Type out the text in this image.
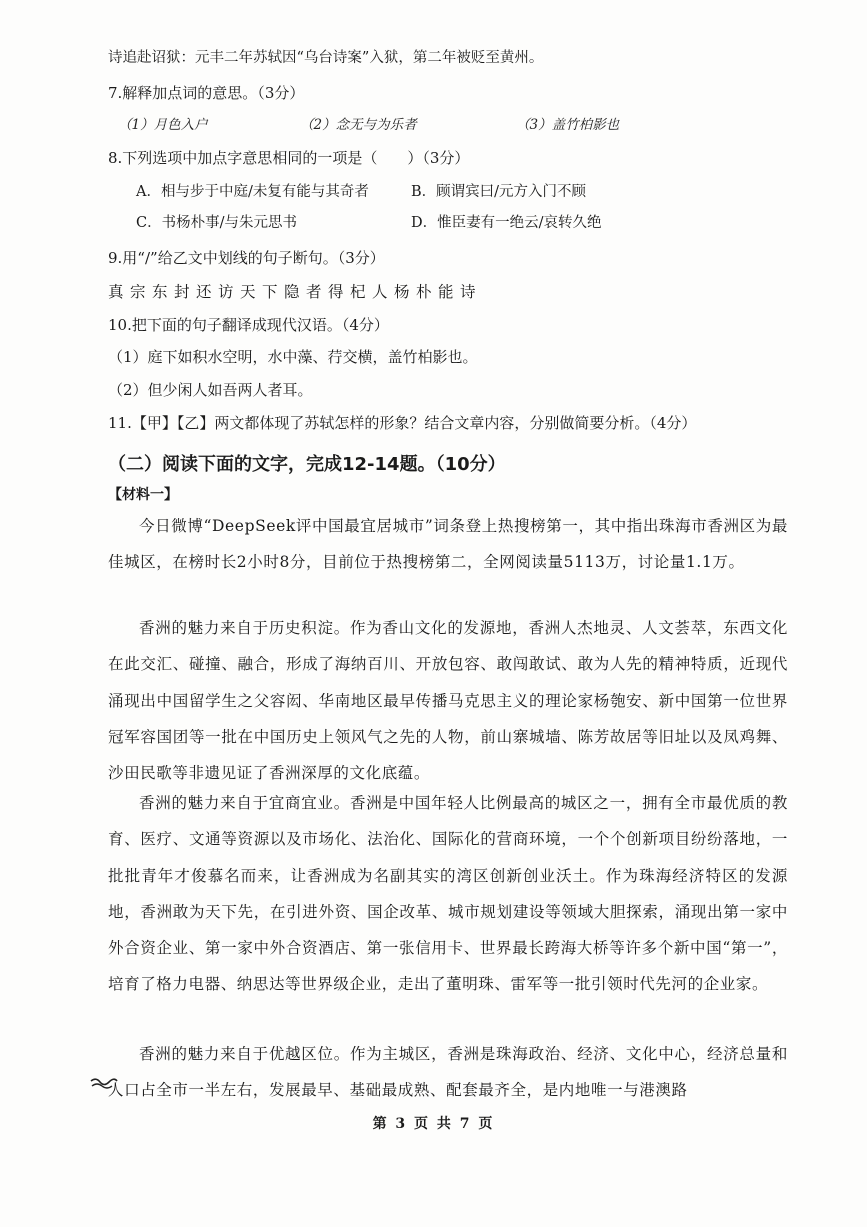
诗追赴诏狱：元丰二年苏轼因“乌台诗案”入狱，第二年被贬至黄州。
7.解释加点词的意思。（3分）
（1）月色入户	（2）念无与为乐者	（3）盖竹柏影也
8.下列选项中加点字意思相同的一项是（　　）（3分）
A．相与步于中庭/未复有能与其奇者	B．顾谓宾曰/元方入门不顾
C．书杨朴事/与朱元思书	D．惟臣妻有一绝云/哀转久绝
9.用“/”给乙文中划线的句子断句。（3分）
真宗东封还访天下隐者得杞人杨朴能诗
10.把下面的句子翻译成现代汉语。（4分）
（1）庭下如积水空明，水中藻、荇交横，盖竹柏影也。
（2）但少闲人如吾两人者耳。
11.【甲】【乙】两文都体现了苏轼怎样的形象？结合文章内容，分别做简要分析。（4分）
（二）阅读下面的文字，完成12-14题。（10分）
【材料一】
今日微博“DeepSeek评中国最宜居城市”词条登上热搜榜第一，其中指出珠海市香洲区为最佳城区，在榜时长2小时8分，目前位于热搜榜第二，全网阅读量5113万，讨论量1.1万。
香洲的魅力来自于历史积淀。作为香山文化的发源地，香洲人杰地灵、人文荟萃，东西文化在此交汇、碰撞、融合，形成了海纳百川、开放包容、敢闯敢试、敢为人先的精神特质，近现代涌现出中国留学生之父容闳、华南地区最早传播马克思主义的理论家杨匏安、新中国第一位世界冠军容国团等一批在中国历史上领风气之先的人物，前山寨城墙、陈芳故居等旧址以及凤鸡舞、沙田民歌等非遗见证了香洲深厚的文化底蕴。
香洲的魅力来自于宜商宜业。香洲是中国年轻人比例最高的城区之一，拥有全市最优质的教育、医疗、文通等资源以及市场化、法治化、国际化的营商环境，一个个创新项目纷纷落地，一批批青年才俊慕名而来，让香洲成为名副其实的湾区创新创业沃土。作为珠海经济特区的发源地，香洲敢为天下先，在引进外资、国企改革、城市规划建设等领域大胆探索，涌现出第一家中外合资企业、第一家中外合资酒店、第一张信用卡、世界最长跨海大桥等许多个新中国“第一”，培育了格力电器、纳思达等世界级企业，走出了董明珠、雷军等一批引领时代先河的企业家。
香洲的魅力来自于优越区位。作为主城区，香洲是珠海政治、经济、文化中心，经济总量和人口占全市一半左右，发展最早、基础最成熟、配套最齐全，是内地唯一与港澳路
第 3 页 共 7 页
